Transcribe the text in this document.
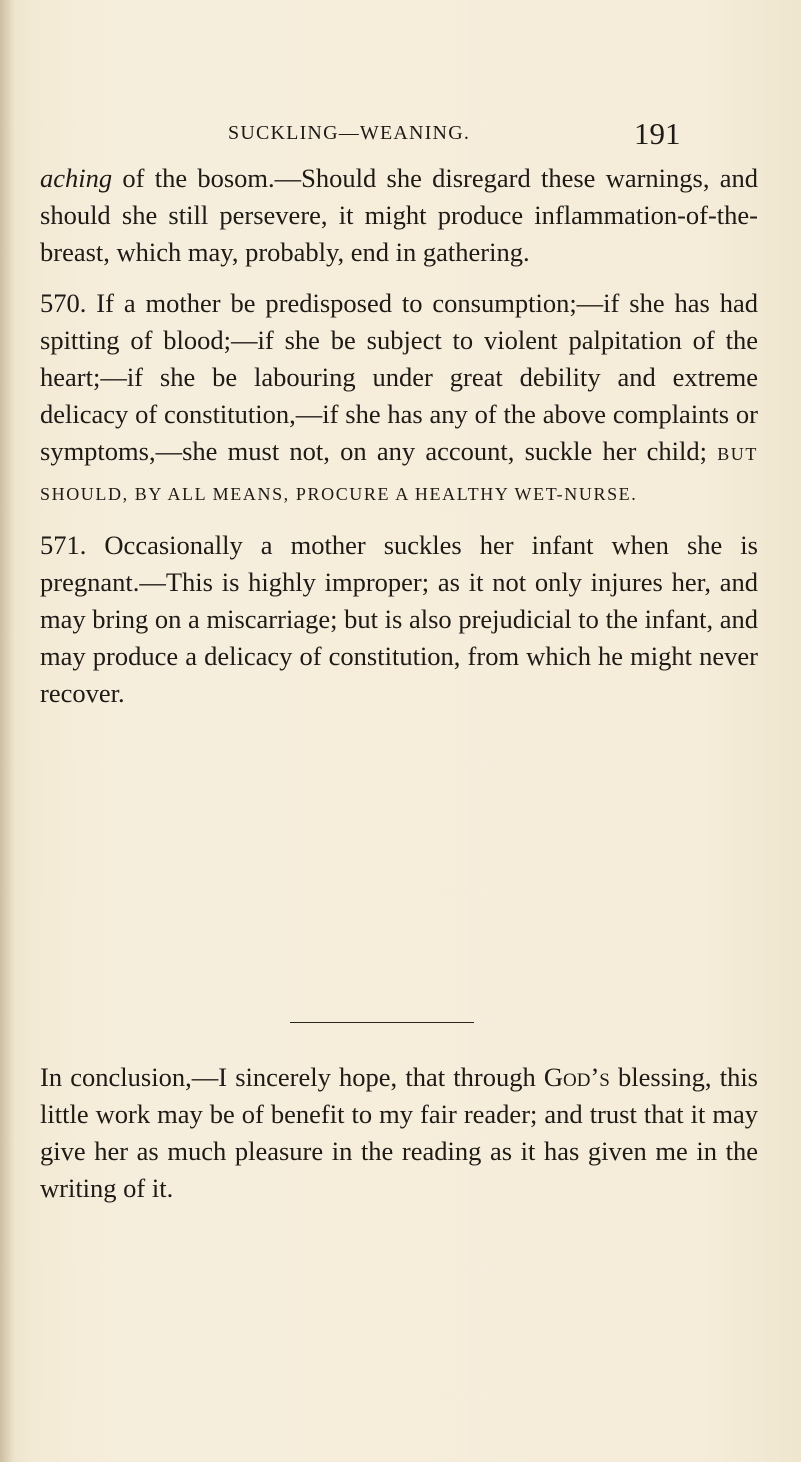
SUCKLING—WEANING.	191

aching of the bosom.—Should she disregard these warnings, and should she still persevere, it might produce inflammation-of-the-breast, which may, probably, end in gathering.

570. If a mother be predisposed to consumption;—if she has had spitting of blood;—if she be subject to violent palpitation of the heart;—if she be labouring under great debility and extreme delicacy of constitution,—if she has any of the above complaints or symptoms,—she must not, on any account, suckle her child; BUT SHOULD, BY ALL MEANS, PROCURE A HEALTHY WET-NURSE.

571. Occasionally a mother suckles her infant when she is pregnant.—This is highly improper; as it not only injures her, and may bring on a miscarriage; but is also prejudicial to the infant, and may produce a delicacy of constitution, from which he might never recover.

In conclusion,—I sincerely hope, that through God’s blessing, this little work may be of benefit to my fair reader; and trust that it may give her as much pleasure in the reading as it has given me in the writing of it.
